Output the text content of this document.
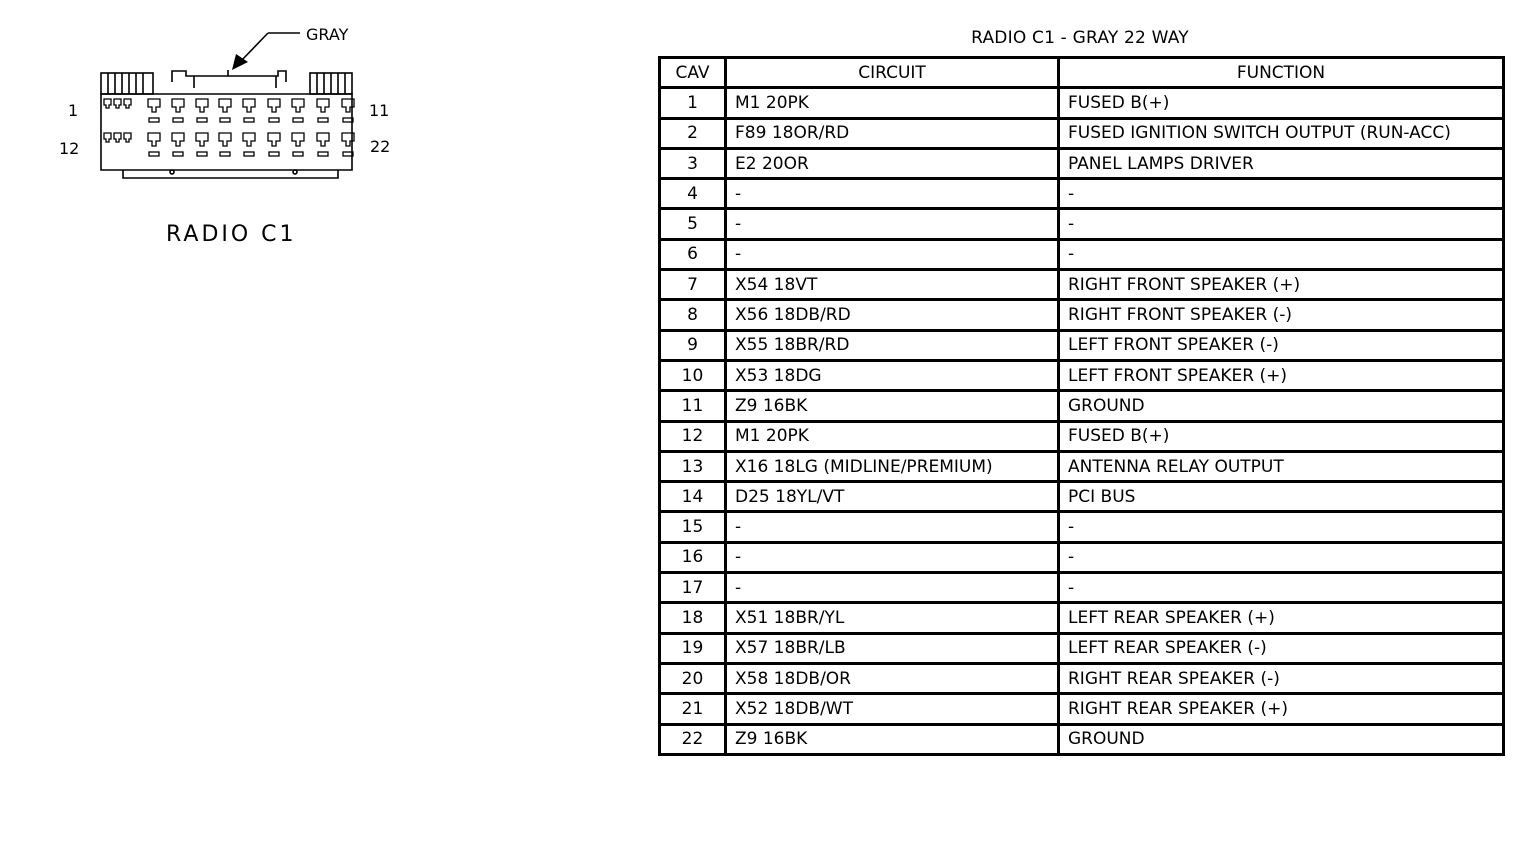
GRAY
1	11
12	22
RADIO C1
RADIO C1 - GRAY 22 WAY
CAV	CIRCUIT	FUNCTION
1	M1 20PK	FUSED B(+)
2	F89 18OR/RD	FUSED IGNITION SWITCH OUTPUT (RUN-ACC)
3	E2 20OR	PANEL LAMPS DRIVER
4	-	-
5	-	-
6	-	-
7	X54 18VT	RIGHT FRONT SPEAKER (+)
8	X56 18DB/RD	RIGHT FRONT SPEAKER (-)
9	X55 18BR/RD	LEFT FRONT SPEAKER (-)
10	X53 18DG	LEFT FRONT SPEAKER (+)
11	Z9 16BK	GROUND
12	M1 20PK	FUSED B(+)
13	X16 18LG (MIDLINE/PREMIUM)	ANTENNA RELAY OUTPUT
14	D25 18YL/VT	PCI BUS
15	-	-
16	-	-
17	-	-
18	X51 18BR/YL	LEFT REAR SPEAKER (+)
19	X57 18BR/LB	LEFT REAR SPEAKER (-)
20	X58 18DB/OR	RIGHT REAR SPEAKER (-)
21	X52 18DB/WT	RIGHT REAR SPEAKER (+)
22	Z9 16BK	GROUND
